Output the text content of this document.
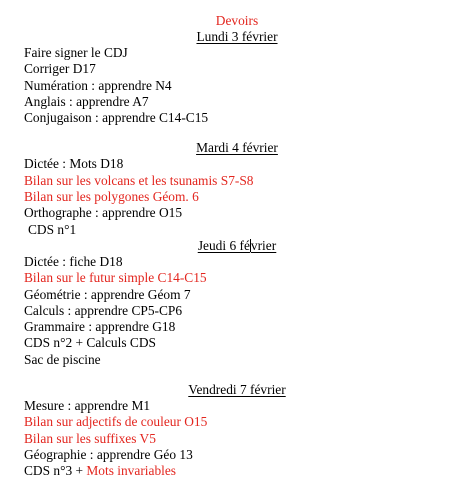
Devoirs

Lundi 3 février

Faire signer le CDJ

Corriger D17

Numération : apprendre N4

Anglais : apprendre A7

Conjugaison : apprendre C14-C15

Mardi 4 février

Dictée : Mots D18

Bilan sur les volcans et les tsunamis S7-S8

Bilan sur les polygones Géom. 6

Orthographe : apprendre O15

CDS n°1

Jeudi 6 février

Dictée : fiche D18

Bilan sur le futur simple C14-C15

Géométrie : apprendre Géom 7

Calculs : apprendre CP5-CP6

Grammaire : apprendre G18

CDS n°2 + Calculs CDS

Sac de piscine

Vendredi 7 février

Mesure : apprendre M1

Bilan sur adjectifs de couleur O15

Bilan sur les suffixes V5

Géographie : apprendre Géo 13

CDS n°3 + Mots invariables
